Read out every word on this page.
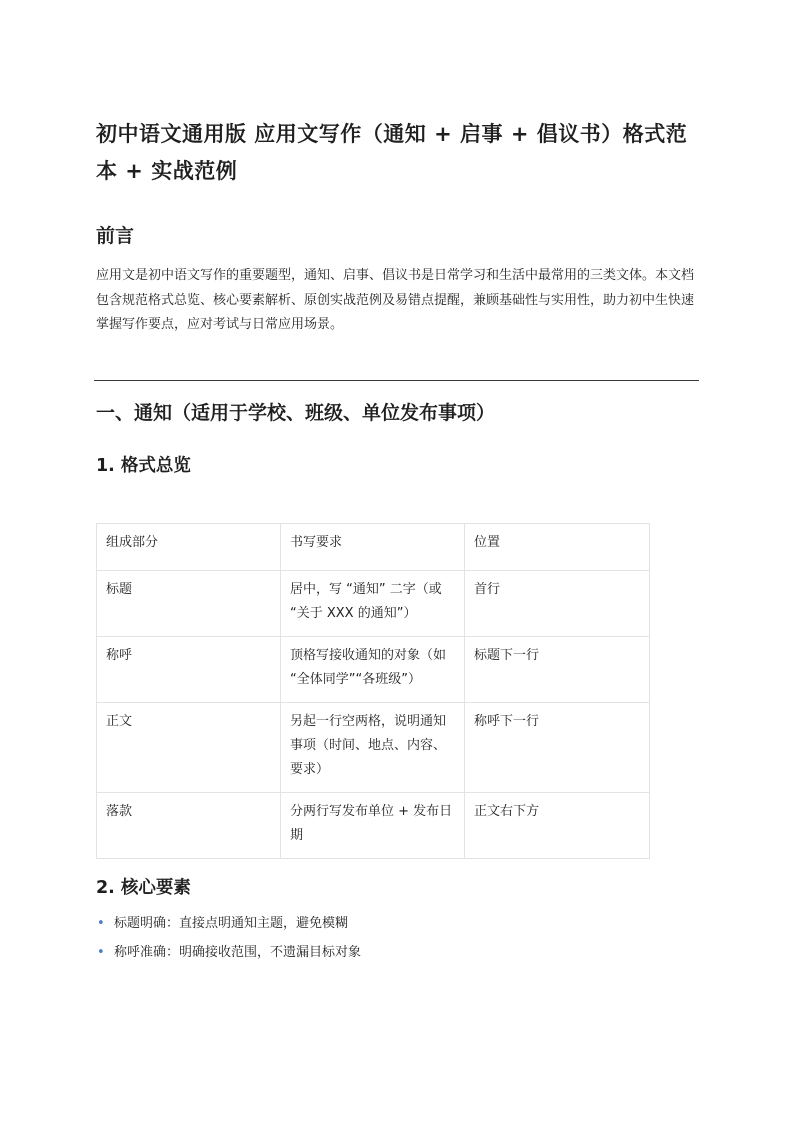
初中语文通用版 应用文写作（通知 + 启事 + 倡议书）格式范本 + 实战范例
前言

应用文是初中语文写作的重要题型，通知、启事、倡议书是日常学习和生活中最常用的三类文体。本文档包含规范格式总览、核心要素解析、原创实战范例及易错点提醒，兼顾基础性与实用性，助力初中生快速掌握写作要点，应对考试与日常应用场景。

一、通知（适用于学校、班级、单位发布事项）
1. 格式总览
组成部分	书写要求	位置
标题	居中，写 “通知” 二字（或 “关于 XXX 的通知”）	首行
称呼	顶格写接收通知的对象（如 “全体同学”“各班级”）	标题下一行
正文	另起一行空两格，说明通知事项（时间、地点、内容、要求）	称呼下一行
落款	分两行写发布单位 + 发布日期	正文右下方
2. 核心要素
• 标题明确：直接点明通知主题，避免模糊
• 称呼准确：明确接收范围，不遗漏目标对象
